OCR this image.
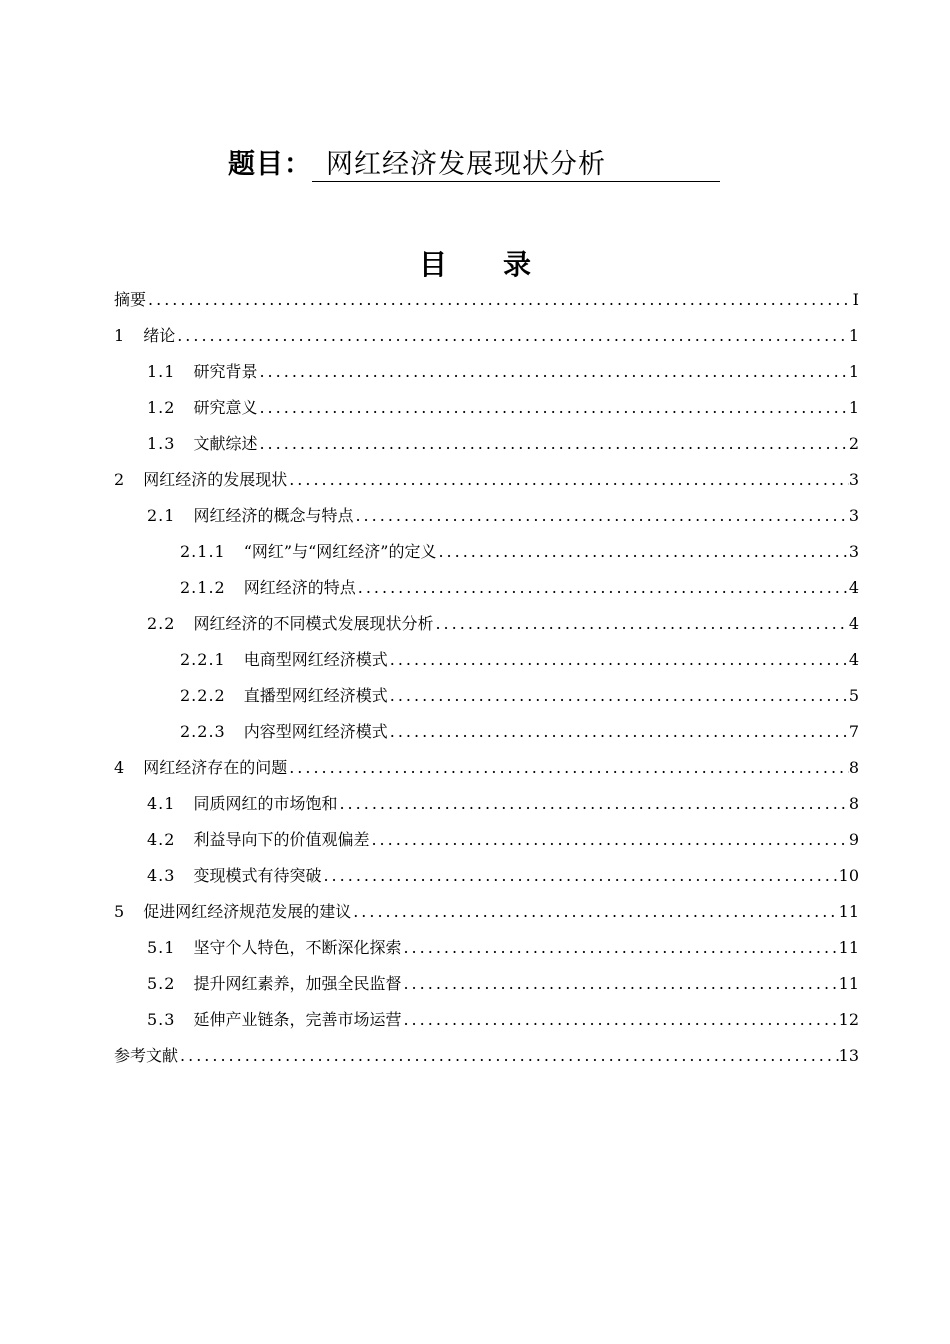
题目： 网红经济发展现状分析
目　　录
摘要 .....	I
1 绪论 .....	1
1.1 研究背景 .....	1
1.2 研究意义 .....	1
1.3 文献综述 .....	2
2 网红经济的发展现状 .....	3
2.1 网红经济的概念与特点 .....	3
2.1.1 “网红”与“网红经济”的定义 .....	3
2.1.2 网红经济的特点 .....	4
2.2 网红经济的不同模式发展现状分析 .....	4
2.2.1 电商型网红经济模式 .....	4
2.2.2 直播型网红经济模式 .....	5
2.2.3 内容型网红经济模式 .....	7
4 网红经济存在的问题 .....	8
4.1 同质网红的市场饱和 .....	8
4.2 利益导向下的价值观偏差 .....	9
4.3 变现模式有待突破 .....	10
5 促进网红经济规范发展的建议 .....	11
5.1 坚守个人特色，不断深化探索 .....	11
5.2 提升网红素养，加强全民监督 .....	11
5.3 延伸产业链条，完善市场运营 .....	12
参考文献 .....	13
